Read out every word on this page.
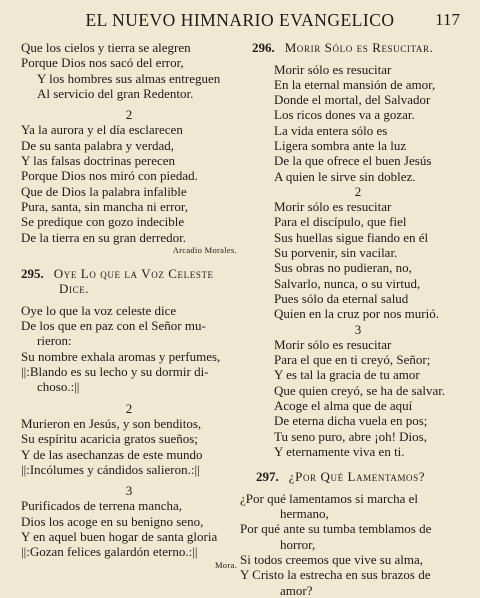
EL NUEVO HIMNARIO EVANGELICO	117
Que los cielos y tierra se alegren
Porque Dios nos sacó del error,
Y los hombres sus almas entreguen
Al servicio del gran Redentor.
2
Ya la aurora y el día esclarecen
De su santa palabra y verdad,
Y las falsas doctrinas perecen
Porque Dios nos miró con piedad.
Que de Dios la palabra infalible
Pura, santa, sin mancha ni error,
Se predique con gozo indecible
De la tierra en su gran derredor.
Arcadio Morales.
295. Oye Lo que la Voz Celeste
Dice.
Oye lo que la voz celeste dice
De los que en paz con el Señor mu-
rieron:
Su nombre exhala aromas y perfumes,
||:Blando es su lecho y su dormir di-
choso.:||
2
Murieron en Jesús, y son benditos,
Su espíritu acaricia gratos sueños;
Y de las asechanzas de este mundo
||:Incólumes y cándidos salieron.:||
3
Purificados de terrena mancha,
Dios los acoge en su benigno seno,
Y en aquel buen hogar de santa gloria
||:Gozan felices galardón eterno.:||
Mora.
296. Morir Sólo es Resucitar.
Morir sólo es resucitar
En la eternal mansión de amor,
Donde el mortal, del Salvador
Los ricos dones va a gozar.
La vida entera sólo es
Ligera sombra ante la luz
De la que ofrece el buen Jesús
A quien le sirve sin doblez.
2
Morir sólo es resucitar
Para el discípulo, que fiel
Sus huellas sigue fiando en él
Su porvenir, sin vacilar.
Sus obras no pudieran, no,
Salvarlo, nunca, o su virtud,
Pues sólo da eternal salud
Quien en la cruz por nos murió.
3
Morir sólo es resucitar
Para el que en ti creyó, Señor;
Y es tal la gracia de tu amor
Que quien creyó, se ha de salvar.
Acoge el alma que de aquí
De eterna dicha vuela en pos;
Tu seno puro, abre ¡oh! Dios,
Y eternamente viva en ti.
297. ¿Por Qué Lamentamos?
¿Por qué lamentamos si marcha el
hermano,
Por qué ante su tumba temblamos de
horror,
Si todos creemos que vive su alma,
Y Cristo la estrecha en sus brazos de
amor?
